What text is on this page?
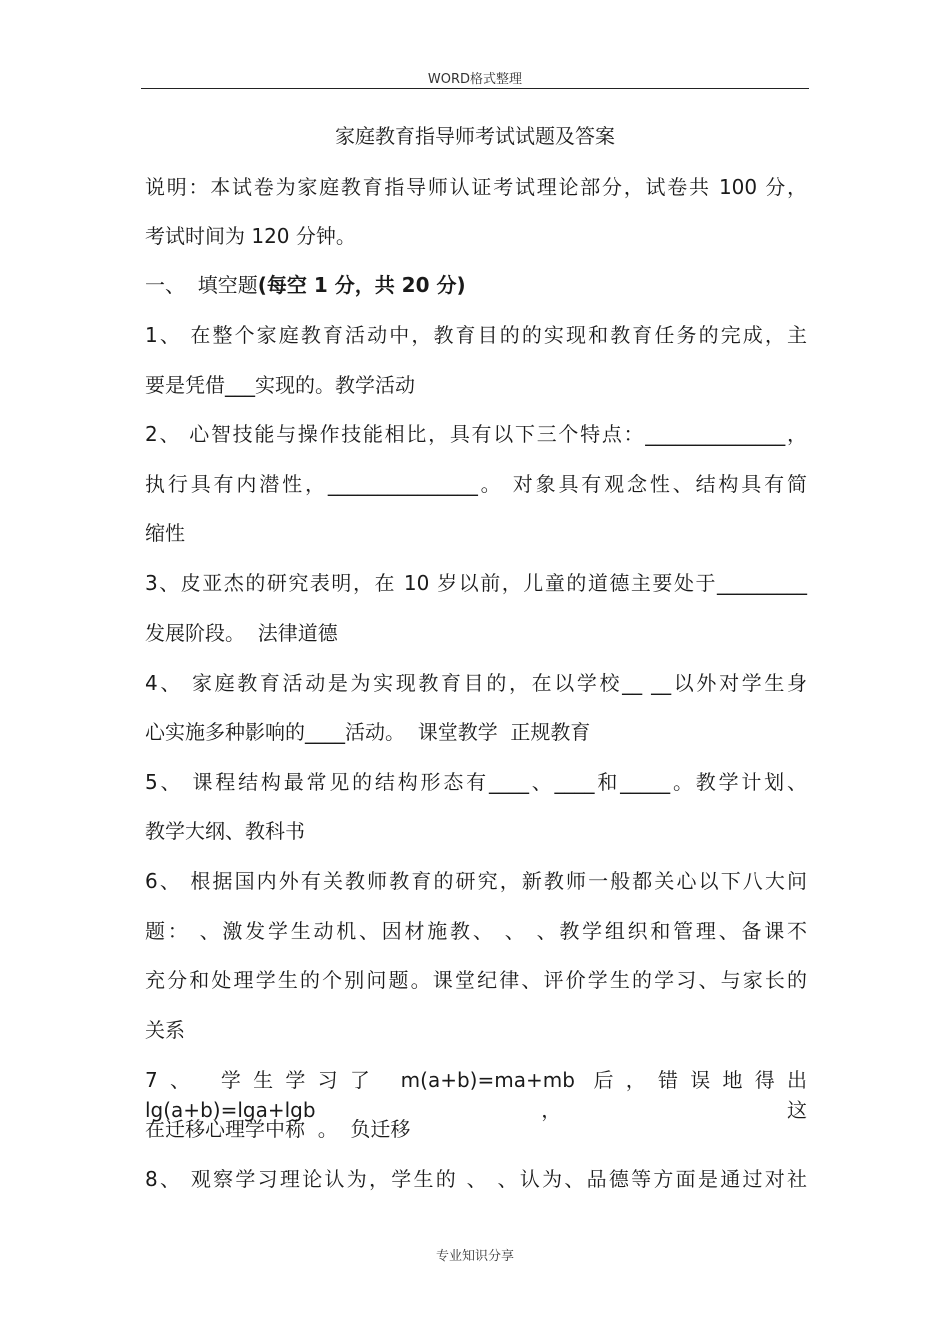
WORD格式整理
家庭教育指导师考试试题及答案
说明：本试卷为家庭教育指导师认证考试理论部分，试卷共 100 分，
考试时间为 120 分钟。
一、  填空题(每空 1 分，共 20 分)
1、 在整个家庭教育活动中，教育目的的实现和教育任务的完成，主
要是凭借___实现的。教学活动
2、 心智技能与操作技能相比，具有以下三个特点：______________，
执行具有内潜性，_______________。 对象具有观念性、结构具有简
缩性
3、皮亚杰的研究表明，在 10 岁以前，儿童的道德主要处于_________
发展阶段。  法律道德
4、 家庭教育活动是为实现教育目的，在以学校__ __以外对学生身
心实施多种影响的____活动。  课堂教学  正规教育
5、 课程结构最常见的结构形态有____、____和_____。教学计划、
教学大纲、教科书
6、 根据国内外有关教师教育的研究，新教师一般都关心以下八大问
题： 、激发学生动机、因材施教、 、 、教学组织和管理、备课不
充分和处理学生的个别问题。课堂纪律、评价学生的学习、与家长的
关系
7、 学生学习了 m(a+b)=ma+mb 后，错误地得出 lg(a+b)=lga+lgb，这
在迁移心理学中称  。  负迁移
8、 观察学习理论认为，学生的 、 、认为、品德等方面是通过对社
专业知识分享
